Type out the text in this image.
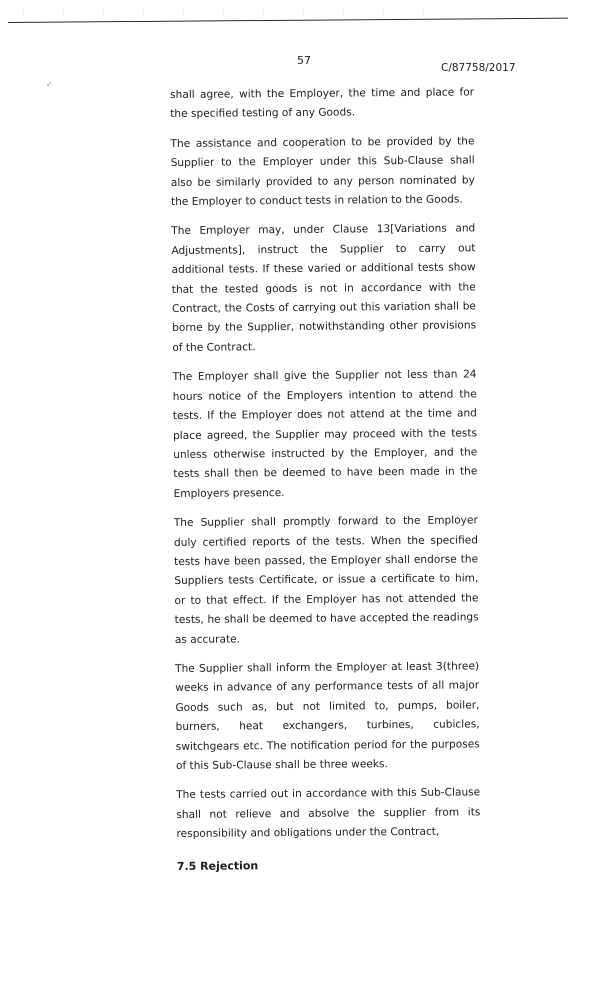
57
C/87758/2017
✓

shall agree, with the Employer, the time and place for the specified testing of any Goods.

The assistance and cooperation to be provided by the Supplier to the Employer under this Sub-Clause shall also be similarly provided to any person nominated by the Employer to conduct tests in relation to the Goods.

The Employer may, under Clause 13[Variations and Adjustments], instruct the Supplier to carry out additional tests. If these varied or additional tests show that the tested goods is not in accordance with the Contract, the Costs of carrying out this variation shall be borne by the Supplier, notwithstanding other provisions of the Contract.

The Employer shall give the Supplier not less than 24 hours notice of the Employers intention to attend the tests. If the Employer does not attend at the time and place agreed, the Supplier may proceed with the tests unless otherwise instructed by the Employer, and the tests shall then be deemed to have been made in the Employers presence.

The Supplier shall promptly forward to the Employer duly certified reports of the tests. When the specified tests have been passed, the Employer shall endorse the Suppliers tests Certificate, or issue a certificate to him, or to that effect. If the Employer has not attended the tests, he shall be deemed to have accepted the readings as accurate.

The Supplier shall inform the Employer at least 3(three) weeks in advance of any performance tests of all major Goods such as, but not limited to, pumps, boiler, burners, heat exchangers, turbines, cubicles, switchgears etc. The notification period for the purposes of this Sub-Clause shall be three weeks.

The tests carried out in accordance with this Sub-Clause shall not relieve and absolve the supplier from its responsibility and obligations under the Contract,

7.5 Rejection
